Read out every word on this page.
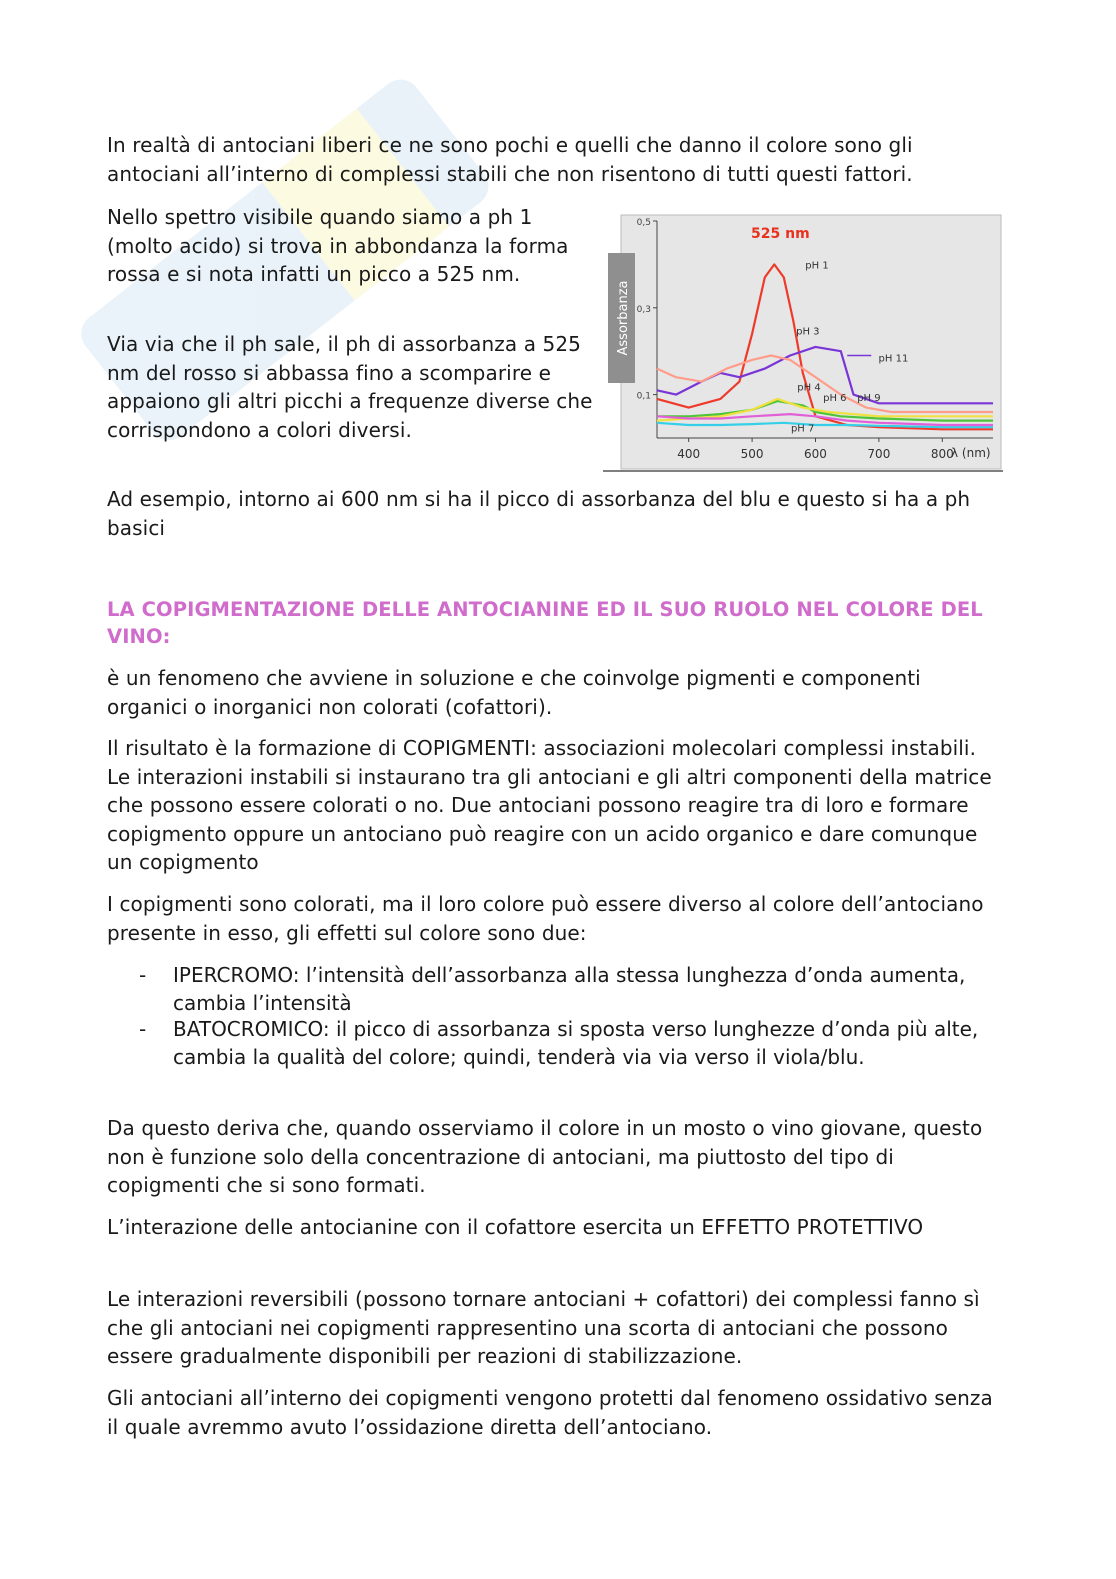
In realtà di antociani liberi ce ne sono pochi e quelli che danno il colore sono gli antociani all’interno di complessi stabili che non risentono di tutti questi fattori.

Nello spettro visibile quando siamo a ph 1 (molto acido) si trova in abbondanza la forma rossa e si nota infatti un picco a 525 nm.

Via via che il ph sale, il ph di assorbanza a 525 nm del rosso si abbassa fino a scomparire e appaiono gli altri picchi a frequenze diverse che corrispondono a colori diversi.

Assorbanza
0,5
0,3
0,1
400	500	600	700	800
525 nm
λ (nm)
pH 1
pH 3
pH 4
pH 6
pH 7
pH 9
pH 11

Ad esempio, intorno ai 600 nm si ha il picco di assorbanza del blu e questo si ha a ph basici

LA COPIGMENTAZIONE DELLE ANTOCIANINE ED IL SUO RUOLO NEL COLORE DEL VINO:

è un fenomeno che avviene in soluzione e che coinvolge pigmenti e componenti organici o inorganici non colorati (cofattori).

Il risultato è la formazione di COPIGMENTI: associazioni molecolari complessi instabili. Le interazioni instabili si instaurano tra gli antociani e gli altri componenti della matrice che possono essere colorati o no. Due antociani possono reagire tra di loro e formare copigmento oppure un antociano può reagire con un acido organico e dare comunque un copigmento

I copigmenti sono colorati, ma il loro colore può essere diverso al colore dell’antociano presente in esso, gli effetti sul colore sono due:

- IPERCROMO: l’intensità dell’assorbanza alla stessa lunghezza d’onda aumenta, cambia l’intensità
- BATOCROMICO: il picco di assorbanza si sposta verso lunghezze d’onda più alte, cambia la qualità del colore; quindi, tenderà via via verso il viola/blu.

Da questo deriva che, quando osserviamo il colore in un mosto o vino giovane, questo non è funzione solo della concentrazione di antociani, ma piuttosto del tipo di copigmenti che si sono formati.

L’interazione delle antocianine con il cofattore esercita un EFFETTO PROTETTIVO

Le interazioni reversibili (possono tornare antociani + cofattori) dei complessi fanno sì che gli antociani nei copigmenti rappresentino una scorta di antociani che possono essere gradualmente disponibili per reazioni di stabilizzazione.

Gli antociani all’interno dei copigmenti vengono protetti dal fenomeno ossidativo senza il quale avremmo avuto l’ossidazione diretta dell’antociano.
